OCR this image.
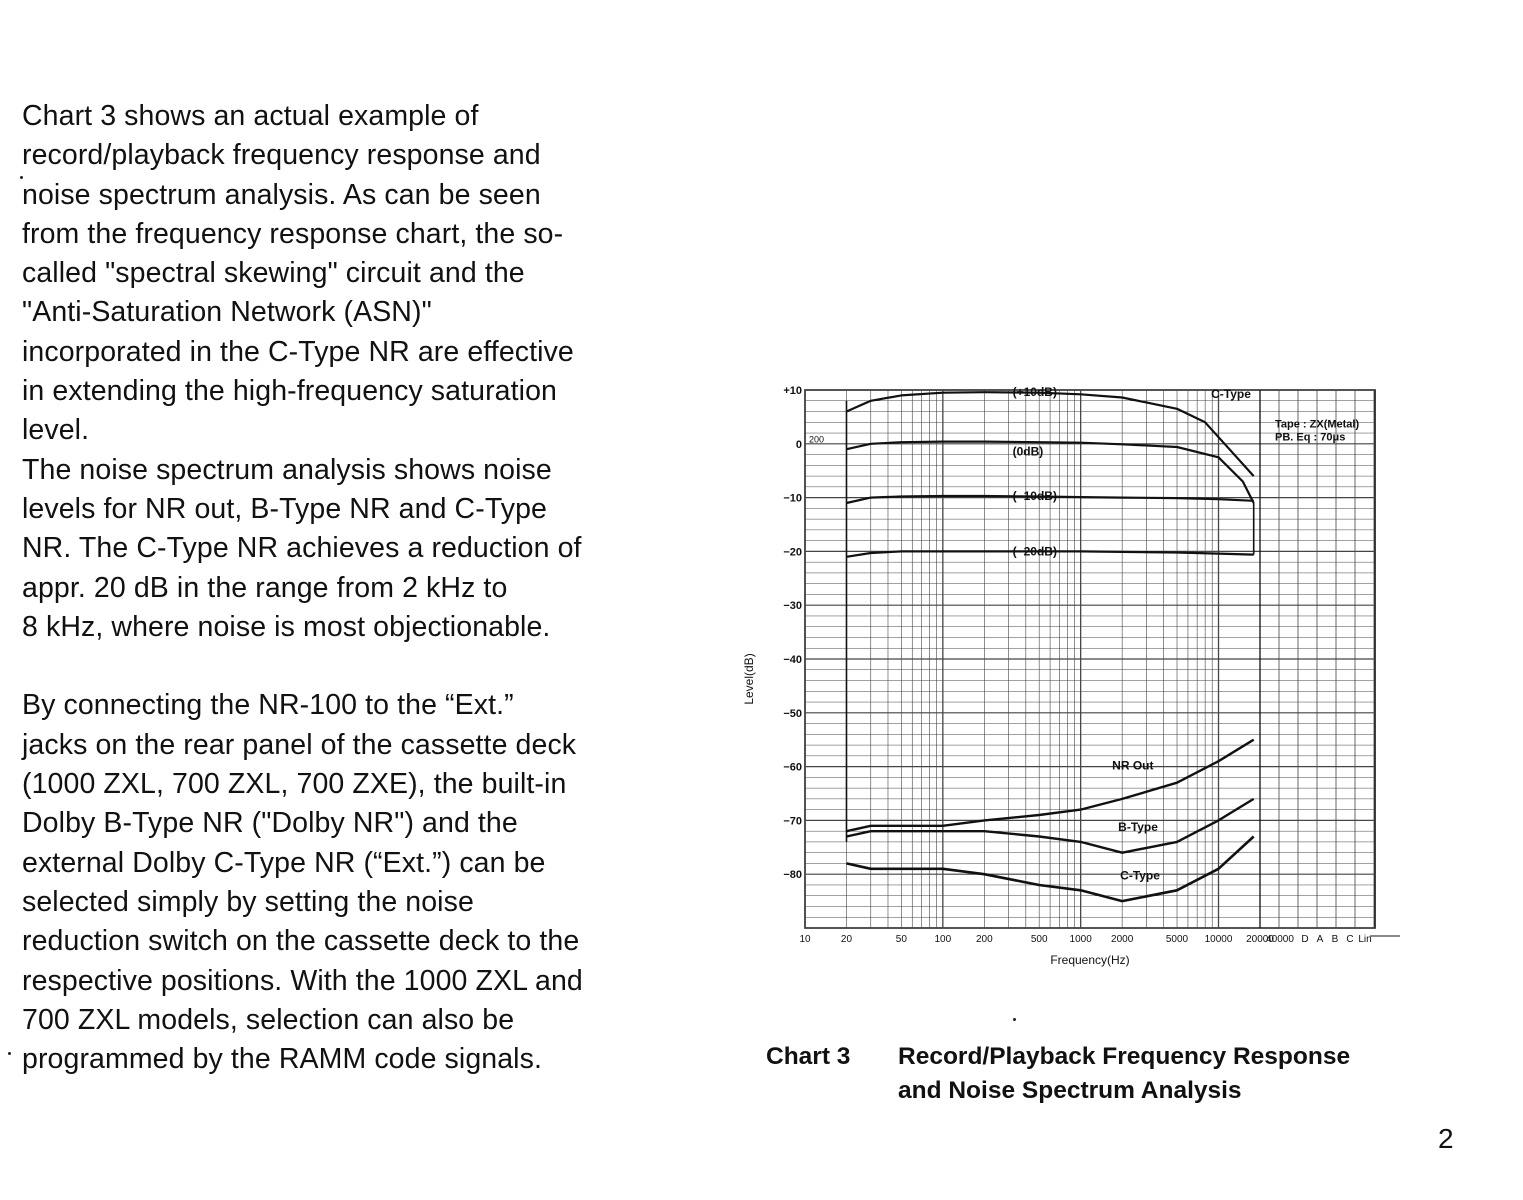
Chart 3 shows an actual example of
record/playback frequency response and
noise spectrum analysis. As can be seen
from the frequency response chart, the so-
called "spectral skewing" circuit and the
"Anti-Saturation Network (ASN)"
incorporated in the C-Type NR are effective
in extending the high-frequency saturation
level.
The noise spectrum analysis shows noise
levels for NR out, B-Type NR and C-Type
NR. The C-Type NR achieves a reduction of
appr. 20 dB in the range from 2 kHz to
8 kHz, where noise is most objectionable.
By connecting the NR-100 to the “Ext.”
jacks on the rear panel of the cassette deck
(1000 ZXL, 700 ZXL, 700 ZXE), the built-in
Dolby B-Type NR ("Dolby NR") and the
external Dolby C-Type NR (“Ext.”) can be
selected simply by setting the noise
reduction switch on the cassette deck to the
respective positions. With the 1000 ZXL and
700 ZXL models, selection can also be
programmed by the RAMM code signals.
+10
0
−10
−20
−30
−40
−50
−60
−70
−80
10	20	50	100 200	500 1000 2000	5000 10000 20000
40000 D A B C Lin
Frequency(Hz)
Level(dB)
(+10dB)
(0dB)
(−10dB)
(−20dB)
C-Type
Tape : ZX(Metal)
PB. Eq : 70μs
200
NR Out
B-Type
C-Type
Chart 3 Record/Playback Frequency Response
and Noise Spectrum Analysis
2
